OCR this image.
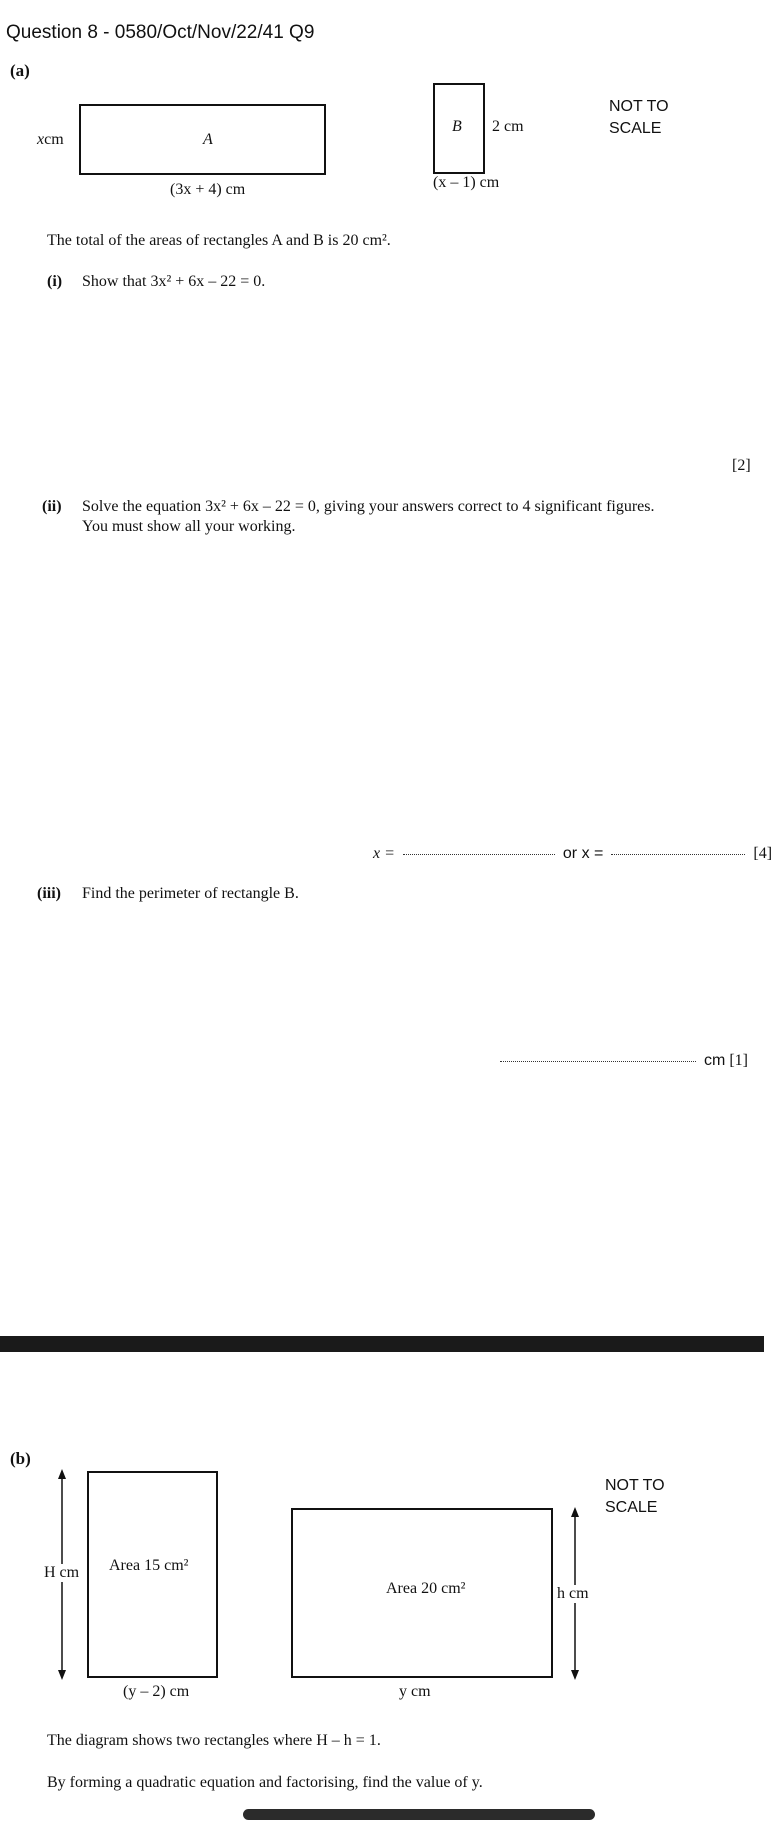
Question 8 - 0580/Oct/Nov/22/41 Q9
(a)
xcm	A
(3x + 4) cm
B 2 cm
(x – 1) cm
NOT TO
SCALE
The total of the areas of rectangles A and B is 20 cm².
(i) Show that 3x² + 6x – 22 = 0.
[2]
(ii) Solve the equation 3x² + 6x – 22 = 0, giving your answers correct to 4 significant figures.
You must show all your working.
x =	or x =	[4]
(iii) Find the perimeter of rectangle B.
cm [1]
(b)
H cm Area 15 cm²
(y – 2) cm
Area 20 cm²
y cm
h cm
NOT TO
SCALE
The diagram shows two rectangles where H – h = 1.
By forming a quadratic equation and factorising, find the value of y.
